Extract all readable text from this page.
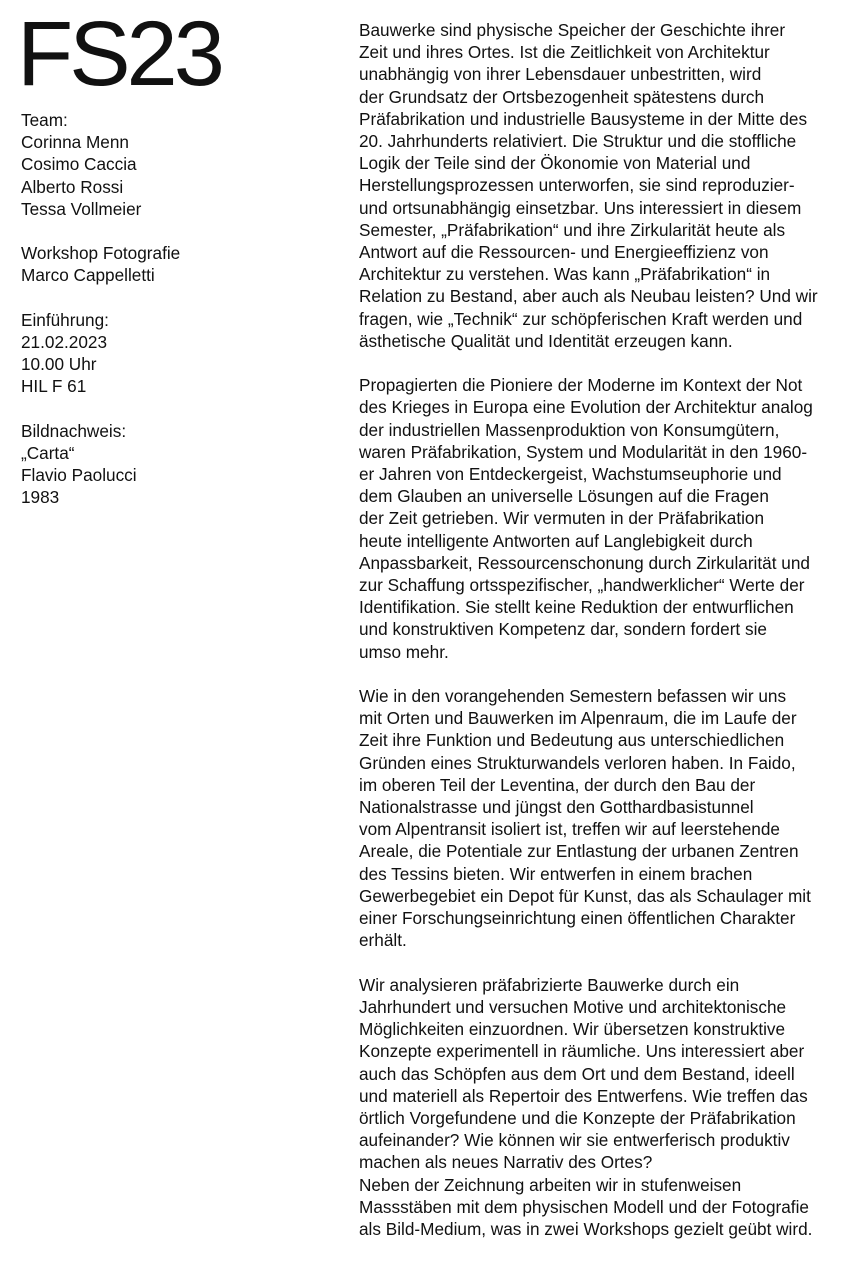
FS23
Team:
Corinna Menn
Cosimo Caccia
Alberto Rossi
Tessa Vollmeier
Workshop Fotografie
Marco Cappelletti
Einführung:
21.02.2023
10.00 Uhr
HIL F 61
Bildnachweis:
„Carta“
Flavio Paolucci
1983
Bauwerke sind physische Speicher der Geschichte ihrer
Zeit und ihres Ortes. Ist die Zeitlichkeit von Architektur
unabhängig von ihrer Lebensdauer unbestritten, wird
der Grundsatz der Ortsbezogenheit spätestens durch
Präfabrikation und industrielle Bausysteme in der Mitte des
20. Jahrhunderts relativiert. Die Struktur und die stoffliche
Logik der Teile sind der Ökonomie von Material und
Herstellungsprozessen unterworfen, sie sind reproduzier-
und ortsunabhängig einsetzbar. Uns interessiert in diesem
Semester, „Präfabrikation“ und ihre Zirkularität heute als
Antwort auf die Ressourcen- und Energieeffizienz von
Architektur zu verstehen. Was kann „Präfabrikation“ in
Relation zu Bestand, aber auch als Neubau leisten? Und wir
fragen, wie „Technik“ zur schöpferischen Kraft werden und
ästhetische Qualität und Identität erzeugen kann.
Propagierten die Pioniere der Moderne im Kontext der Not
des Krieges in Europa eine Evolution der Architektur analog
der industriellen Massenproduktion von Konsumgütern,
waren Präfabrikation, System und Modularität in den 1960-
er Jahren von Entdeckergeist, Wachstumseuphorie und
dem Glauben an universelle Lösungen auf die Fragen
der Zeit getrieben. Wir vermuten in der Präfabrikation
heute intelligente Antworten auf Langlebigkeit durch
Anpassbarkeit, Ressourcenschonung durch Zirkularität und
zur Schaffung ortsspezifischer, „handwerklicher“ Werte der
Identifikation. Sie stellt keine Reduktion der entwurflichen
und konstruktiven Kompetenz dar, sondern fordert sie
umso mehr.
Wie in den vorangehenden Semestern befassen wir uns
mit Orten und Bauwerken im Alpenraum, die im Laufe der
Zeit ihre Funktion und Bedeutung aus unterschiedlichen
Gründen eines Strukturwandels verloren haben. In Faido,
im oberen Teil der Leventina, der durch den Bau der
Nationalstrasse und jüngst den Gotthardbasistunnel
vom Alpentransit isoliert ist, treffen wir auf leerstehende
Areale, die Potentiale zur Entlastung der urbanen Zentren
des Tessins bieten. Wir entwerfen in einem brachen
Gewerbegebiet ein Depot für Kunst, das als Schaulager mit
einer Forschungseinrichtung einen öffentlichen Charakter
erhält.
Wir analysieren präfabrizierte Bauwerke durch ein
Jahrhundert und versuchen Motive und architektonische
Möglichkeiten einzuordnen. Wir übersetzen konstruktive
Konzepte experimentell in räumliche. Uns interessiert aber
auch das Schöpfen aus dem Ort und dem Bestand, ideell
und materiell als Repertoir des Entwerfens. Wie treffen das
örtlich Vorgefundene und die Konzepte der Präfabrikation
aufeinander? Wie können wir sie entwerferisch produktiv
machen als neues Narrativ des Ortes?
Neben der Zeichnung arbeiten wir in stufenweisen
Massstäben mit dem physischen Modell und der Fotografie
als Bild-Medium, was in zwei Workshops gezielt geübt wird.
